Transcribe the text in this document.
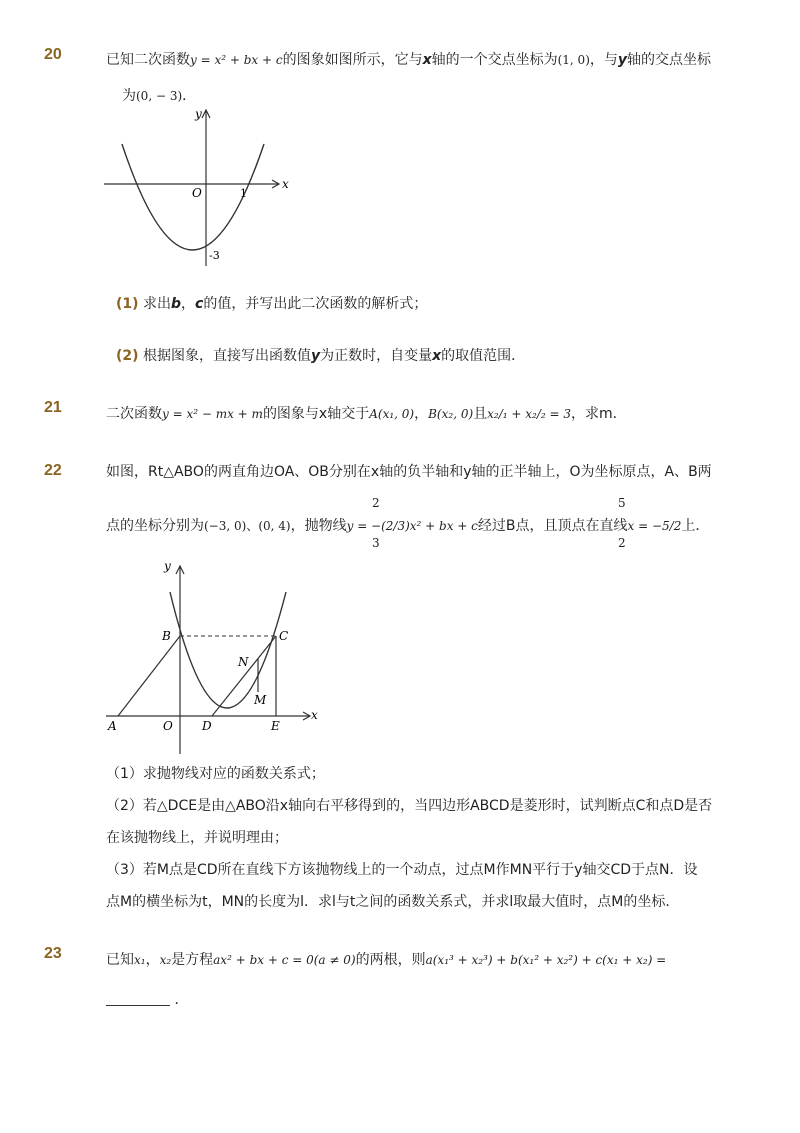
20	已知二次函数y = x² + bx + c的图象如图所示，它与x轴的一个交点坐标为(1, 0)，与y轴的交点坐标
为(0, − 3)．
y
x
O	1
-3
(1) 求出b，c的值，并写出此二次函数的解析式；
(2) 根据图象，直接写出函数值y为正数时，自变量x的取值范围．
21	二次函数y = x² − mx + m的图象与x轴交于A(x₁, 0)，B(x₂, 0)且x₂/₁ + x₂/₂ = 3，求m．
22	如图，Rt△ABO的两直角边OA、OB分别在x轴的负半轴和y轴的正半轴上，O为坐标原点，A、B两
2
3
5
2
点的坐标分别为(−3, 0)、(0, 4)，抛物线y = −(2/3)x² + bx + c经过B点，且顶点在直线x = −5/2上．
y
x
A	O D	E
B	C
N
M
（1）求抛物线对应的函数关系式；
（2）若△DCE是由△ABO沿x轴向右平移得到的，当四边形ABCD是菱形时，试判断点C和点D是否
在该抛物线上，并说明理由；
（3）若M点是CD所在直线下方该抛物线上的一个动点，过点M作MN平行于y轴交CD于点N．设
点M的横坐标为t，MN的长度为l．求l与t之间的函数关系式，并求l取最大值时，点M的坐标．
23	已知x₁，x₂是方程ax² + bx + c = 0(a ≠ 0)的两根，则a(x₁³ + x₂³) + b(x₁² + x₂²) + c(x₁ + x₂) =
．
